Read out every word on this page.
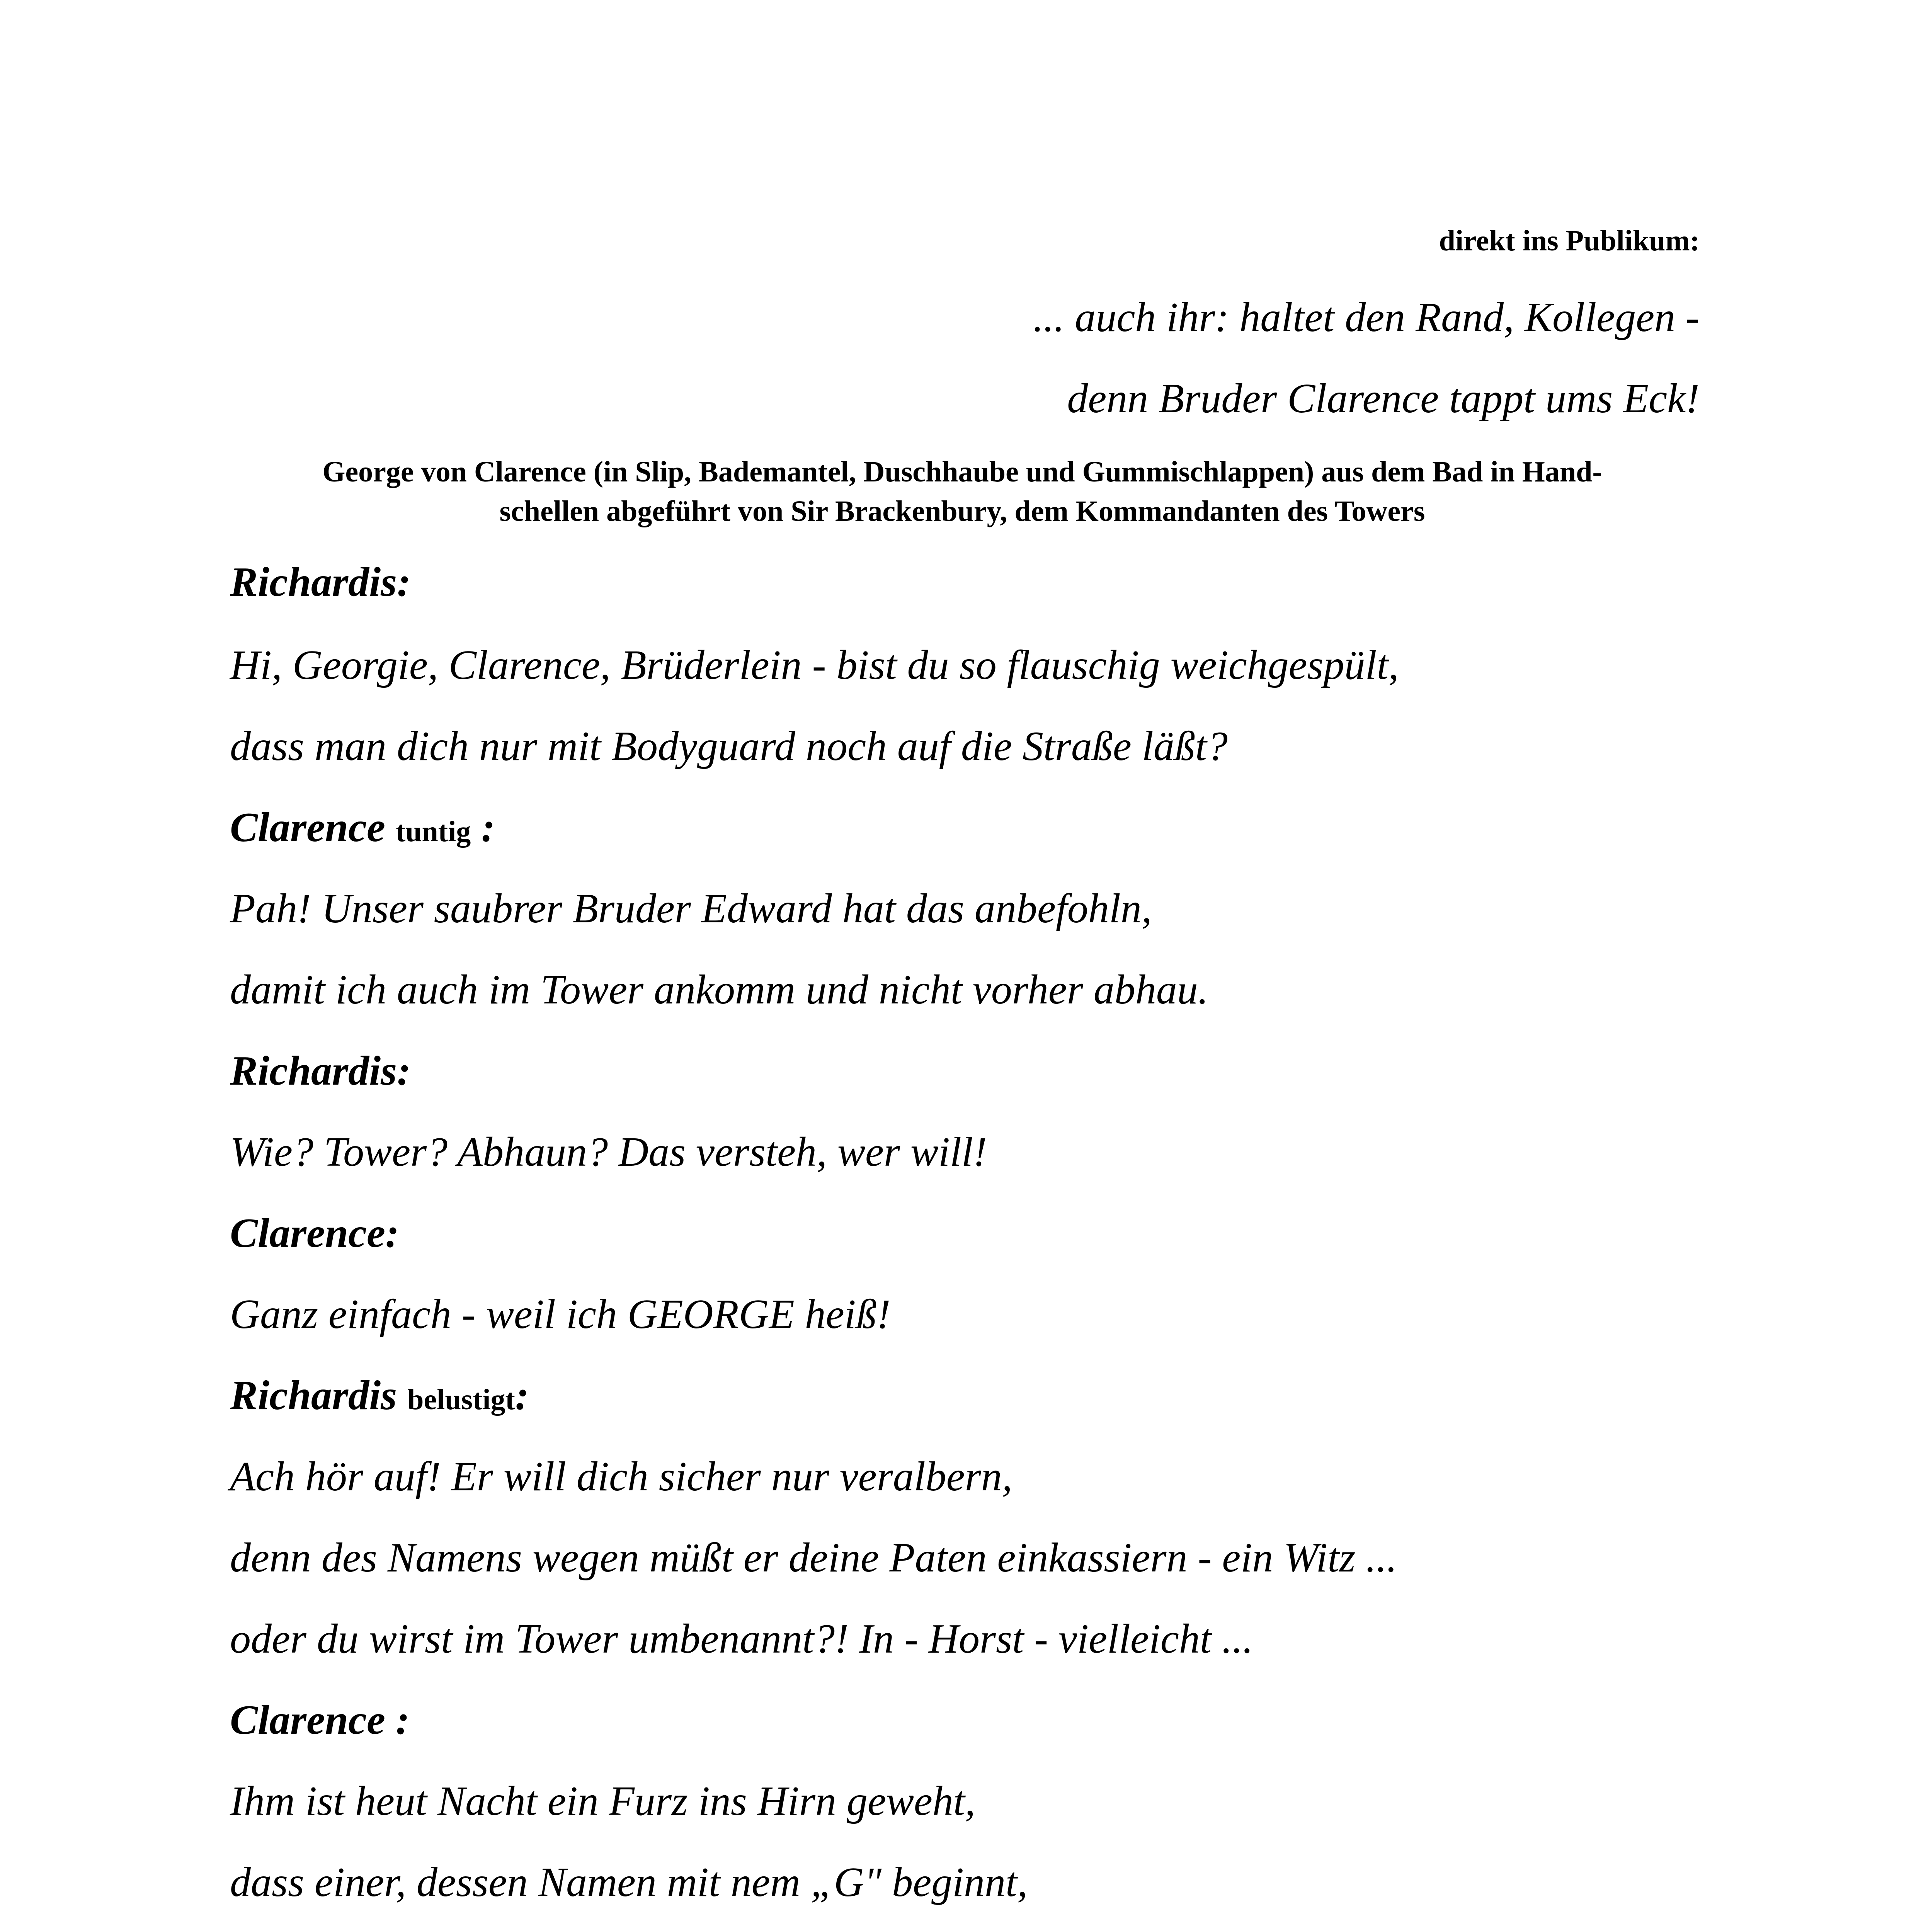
direkt ins Publikum:
... auch ihr: haltet den Rand, Kollegen -
denn Bruder Clarence tappt ums Eck!
George von Clarence (in Slip, Bademantel, Duschhaube und Gummischlappen) aus dem Bad in Hand-
schellen abgeführt von Sir Brackenbury, dem Kommandanten des Towers
Richardis:
Hi, Georgie, Clarence, Brüderlein - bist du so flauschig weichgespült,
dass man dich nur mit Bodyguard noch auf die Straße läßt?
Clarence tuntig :
Pah! Unser saubrer Bruder Edward hat das anbefohln,
damit ich auch im Tower ankomm und nicht vorher abhau.
Richardis:
Wie? Tower? Abhaun? Das versteh, wer will!
Clarence:
Ganz einfach - weil ich GEORGE heiß!
Richardis belustigt:
Ach hör auf! Er will dich sicher nur veralbern,
denn des Namens wegen müßt er deine Paten einkassiern - ein Witz ...
oder du wirst im Tower umbenannt?! In - Horst - vielleicht ...
Clarence :
Ihm ist heut Nacht ein Furz ins Hirn geweht,
dass einer, dessen Namen mit nem „G" beginnt,
